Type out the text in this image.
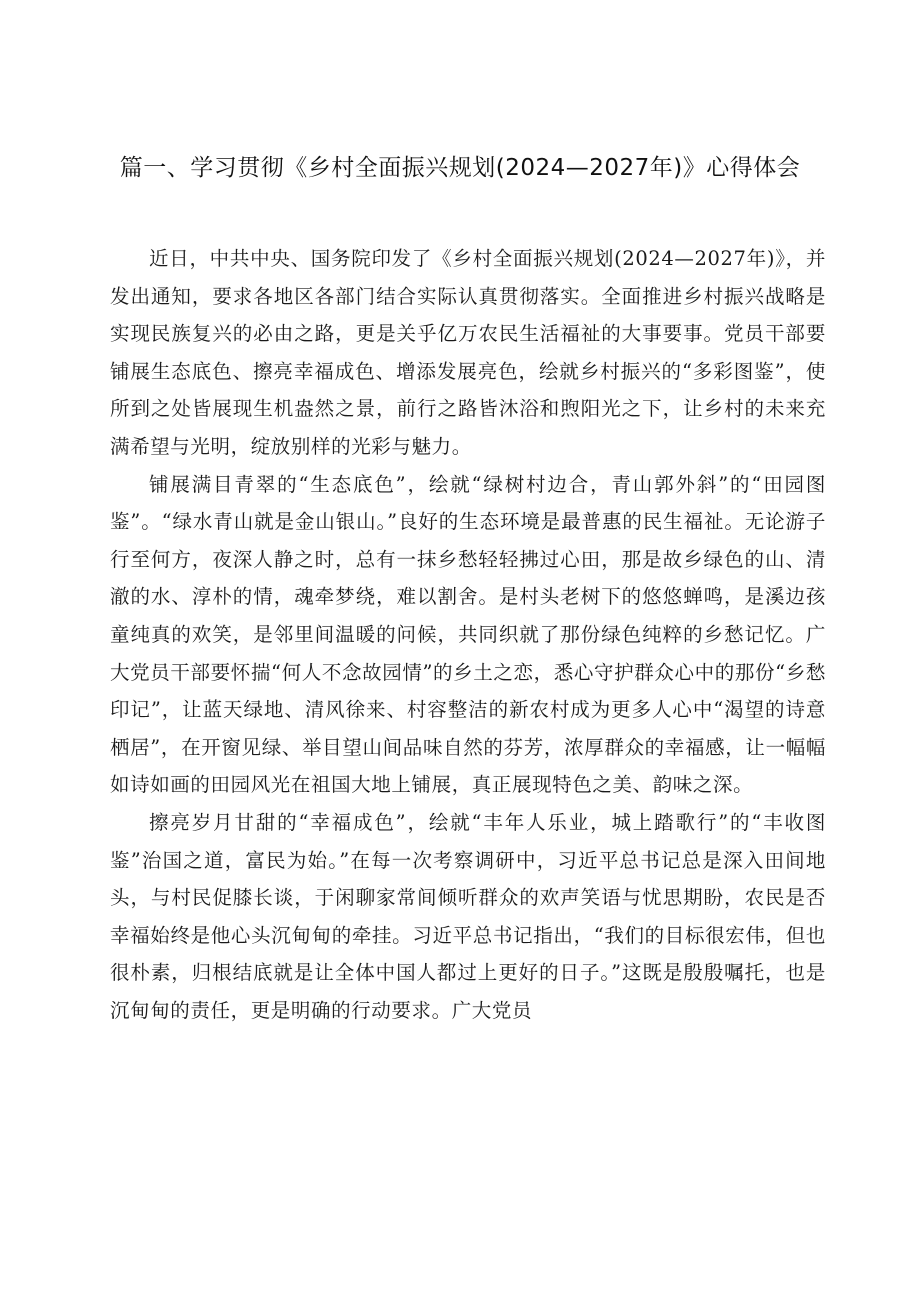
篇一、学习贯彻《乡村全面振兴规划(2024—2027年)》心得体会

近日，中共中央、国务院印发了《乡村全面振兴规划(2024—2027年)》，并发出通知，要求各地区各部门结合实际认真贯彻落实。全面推进乡村振兴战略是实现民族复兴的必由之路，更是关乎亿万农民生活福祉的大事要事。党员干部要铺展生态底色、擦亮幸福成色、增添发展亮色，绘就乡村振兴的“多彩图鉴”，使所到之处皆展现生机盎然之景，前行之路皆沐浴和煦阳光之下，让乡村的未来充满希望与光明，绽放别样的光彩与魅力。

铺展满目青翠的“生态底色”，绘就“绿树村边合，青山郭外斜”的“田园图鉴”。“绿水青山就是金山银山。”良好的生态环境是最普惠的民生福祉。无论游子行至何方，夜深人静之时，总有一抹乡愁轻轻拂过心田，那是故乡绿色的山、清澈的水、淳朴的情，魂牵梦绕，难以割舍。是村头老树下的悠悠蝉鸣，是溪边孩童纯真的欢笑，是邻里间温暖的问候，共同织就了那份绿色纯粹的乡愁记忆。广大党员干部要怀揣“何人不念故园情”的乡土之恋，悉心守护群众心中的那份“乡愁印记”，让蓝天绿地、清风徐来、村容整洁的新农村成为更多人心中“渴望的诗意栖居”，在开窗见绿、举目望山间品味自然的芬芳，浓厚群众的幸福感，让一幅幅如诗如画的田园风光在祖国大地上铺展，真正展现特色之美、韵味之深。

擦亮岁月甘甜的“幸福成色”，绘就“丰年人乐业，城上踏歌行”的“丰收图鉴”治国之道，富民为始。”在每一次考察调研中，习近平总书记总是深入田间地头，与村民促膝长谈，于闲聊家常间倾听群众的欢声笑语与忧思期盼，农民是否幸福始终是他心头沉甸甸的牵挂。习近平总书记指出，“我们的目标很宏伟，但也很朴素，归根结底就是让全体中国人都过上更好的日子。”这既是殷殷嘱托，也是沉甸甸的责任，更是明确的行动要求。广大党员
